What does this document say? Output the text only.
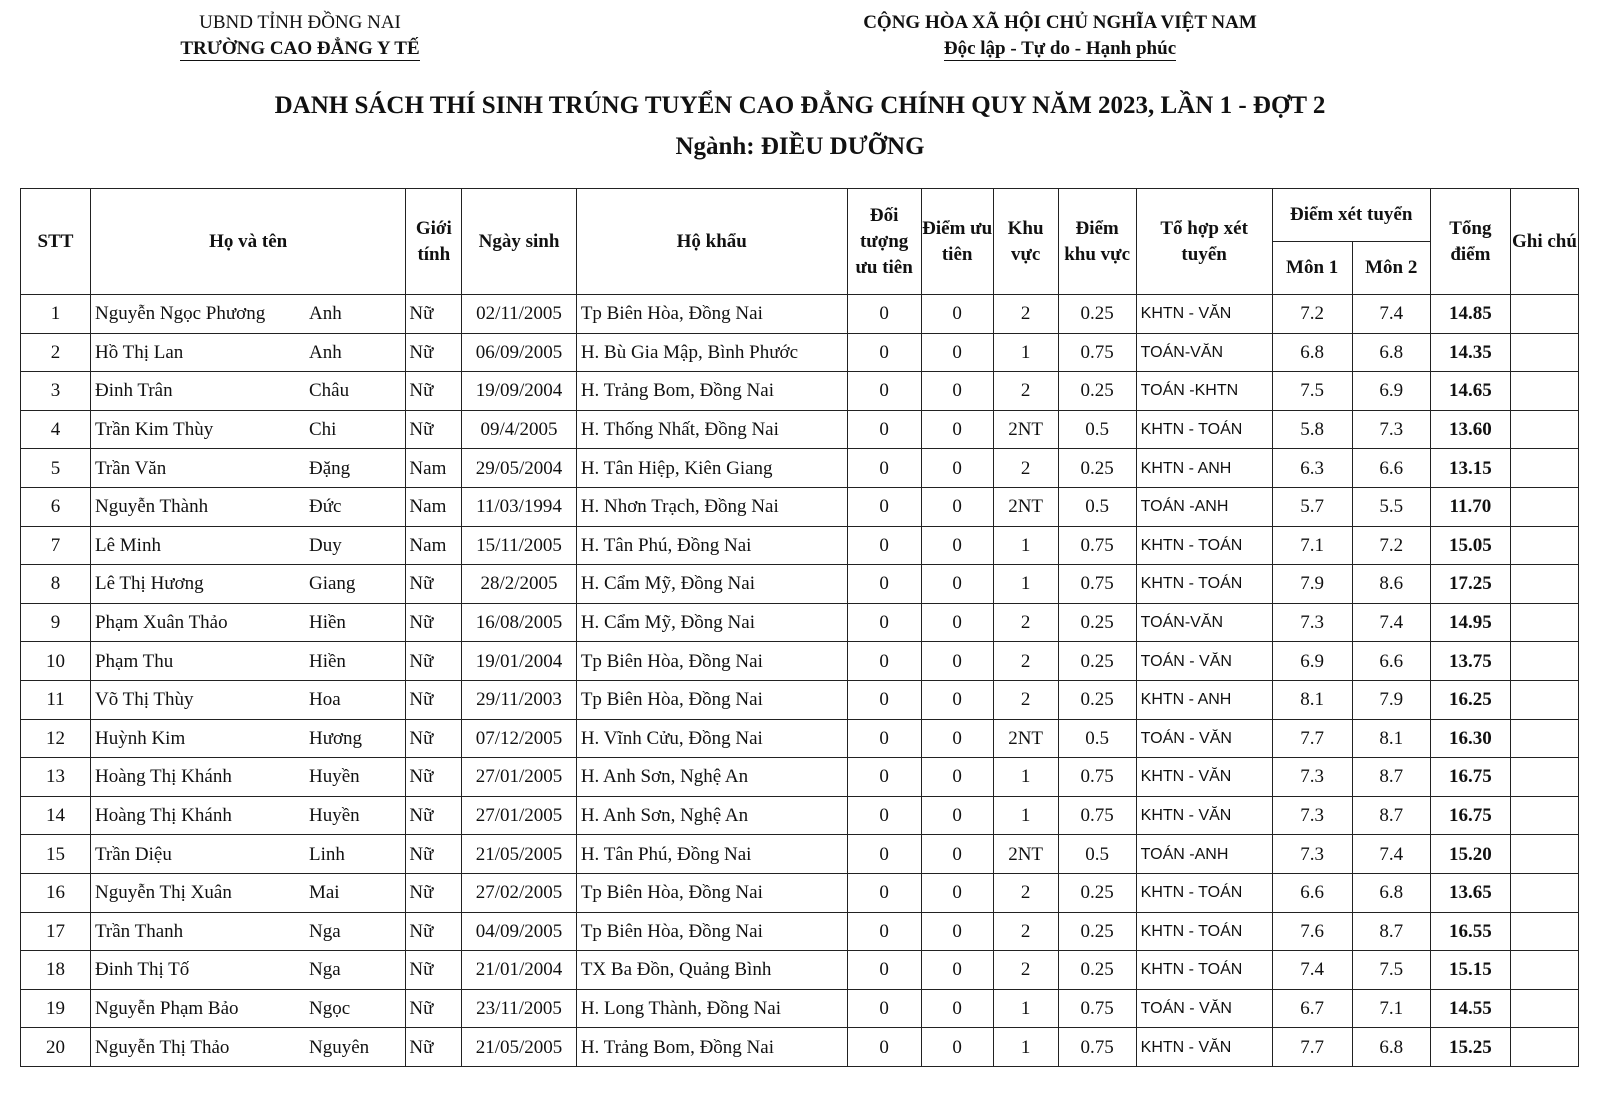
UBND TỈNH ĐỒNG NAI
TRƯỜNG CAO ĐẲNG Y TẾ
CỘNG HÒA XÃ HỘI CHỦ NGHĨA VIỆT NAM
Độc lập - Tự do - Hạnh phúc
DANH SÁCH THÍ SINH TRÚNG TUYỂN CAO ĐẲNG CHÍNH QUY NĂM 2023, LẦN 1 - ĐỢT 2
Ngành: ĐIỀU DƯỠNG
STT	Họ và tên	Giới tính	Ngày sinh	Hộ khẩu	Đối tượng ưu tiên	Điểm ưu tiên	Khu vực	Điểm khu vực	Tổ hợp xét tuyển	Điểm xét tuyển		Tổng điểm	Ghi chú
										Môn 1	Môn 2		
1	Nguyễn Ngọc Phương Anh	Nữ	02/11/2005	Tp Biên Hòa, Đồng Nai	0	0	2	0.25	KHTN - VĂN	7.2	7.4	14.85	
2	Hồ Thị Lan Anh	Nữ	06/09/2005	H. Bù Gia Mập, Bình Phước	0	0	1	0.75	TOÁN-VĂN	6.8	6.8	14.35	
3	Đinh Trân Châu	Nữ	19/09/2004	H. Trảng Bom, Đồng Nai	0	0	2	0.25	TOÁN -KHTN	7.5	6.9	14.65	
4	Trần Kim Thùy Chi	Nữ	09/4/2005	H. Thống Nhất, Đồng Nai	0	0	2NT	0.5	KHTN - TOÁN	5.8	7.3	13.60	
5	Trần Văn Đặng	Nam	29/05/2004	H. Tân Hiệp, Kiên Giang	0	0	2	0.25	KHTN - ANH	6.3	6.6	13.15	
6	Nguyễn Thành Đức	Nam	11/03/1994	H. Nhơn Trạch, Đồng Nai	0	0	2NT	0.5	TOÁN -ANH	5.7	5.5	11.70	
7	Lê Minh Duy	Nam	15/11/2005	H. Tân Phú, Đồng Nai	0	0	1	0.75	KHTN - TOÁN	7.1	7.2	15.05	
8	Lê Thị Hương Giang	Nữ	28/2/2005	H. Cẩm Mỹ, Đồng Nai	0	0	1	0.75	KHTN - TOÁN	7.9	8.6	17.25	
9	Phạm Xuân Thảo Hiền	Nữ	16/08/2005	H. Cẩm Mỹ, Đồng Nai	0	0	2	0.25	TOÁN-VĂN	7.3	7.4	14.95	
10	Phạm Thu Hiền	Nữ	19/01/2004	Tp Biên Hòa, Đồng Nai	0	0	2	0.25	TOÁN - VĂN	6.9	6.6	13.75	
11	Võ Thị Thùy Hoa	Nữ	29/11/2003	Tp Biên Hòa, Đồng Nai	0	0	2	0.25	KHTN - ANH	8.1	7.9	16.25	
12	Huỳnh Kim Hương	Nữ	07/12/2005	H. Vĩnh Cửu, Đồng Nai	0	0	2NT	0.5	TOÁN - VĂN	7.7	8.1	16.30	
13	Hoàng Thị Khánh Huyền	Nữ	27/01/2005	H. Anh Sơn, Nghệ An	0	0	1	0.75	KHTN - VĂN	7.3	8.7	16.75	
14	Hoàng Thị Khánh Huyền	Nữ	27/01/2005	H. Anh Sơn, Nghệ An	0	0	1	0.75	KHTN - VĂN	7.3	8.7	16.75	
15	Trần Diệu Linh	Nữ	21/05/2005	H. Tân Phú, Đồng Nai	0	0	2NT	0.5	TOÁN -ANH	7.3	7.4	15.20	
16	Nguyễn Thị Xuân Mai	Nữ	27/02/2005	Tp Biên Hòa, Đồng Nai	0	0	2	0.25	KHTN - TOÁN	6.6	6.8	13.65	
17	Trần Thanh Nga	Nữ	04/09/2005	Tp Biên Hòa, Đồng Nai	0	0	2	0.25	KHTN - TOÁN	7.6	8.7	16.55	
18	Đinh Thị Tố Nga	Nữ	21/01/2004	TX Ba Đồn, Quảng Bình	0	0	2	0.25	KHTN - TOÁN	7.4	7.5	15.15	
19	Nguyễn Phạm Bảo Ngọc	Nữ	23/11/2005	H. Long Thành, Đồng Nai	0	0	1	0.75	TOÁN - VĂN	6.7	7.1	14.55	
20	Nguyễn Thị Thảo Nguyên	Nữ	21/05/2005	H. Trảng Bom, Đồng Nai	0	0	1	0.75	KHTN - VĂN	7.7	6.8	15.25	
